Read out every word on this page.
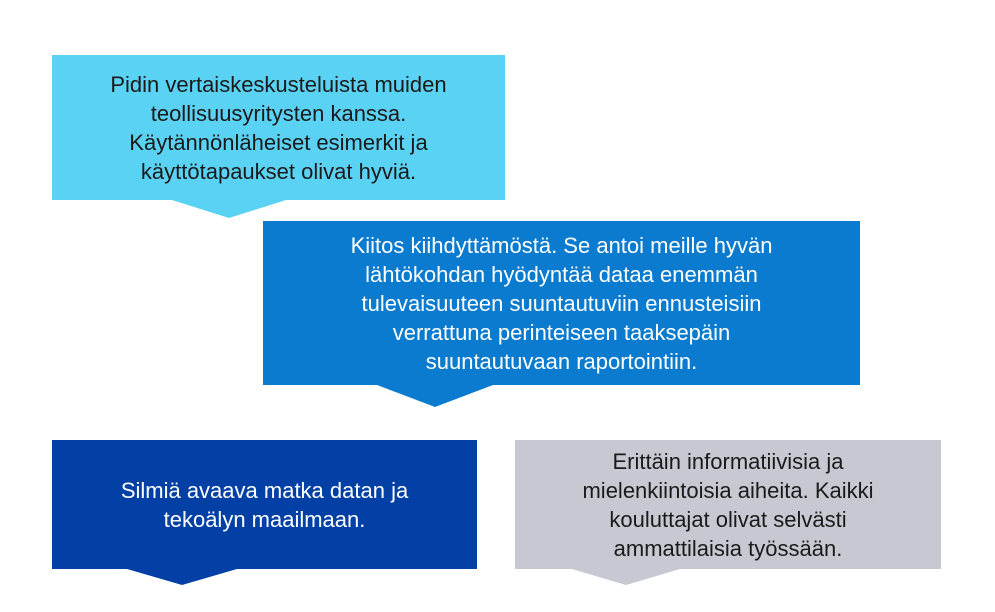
Pidin vertaiskeskusteluista muiden
teollisuusyritysten kanssa.
Käytännönläheiset esimerkit ja
käyttötapaukset olivat hyviä.
Kiitos kiihdyttämöstä. Se antoi meille hyvän
lähtökohdan hyödyntää dataa enemmän
tulevaisuuteen suuntautuviin ennusteisiin
verrattuna perinteiseen taaksepäin
suuntautuvaan raportointiin.
Silmiä avaava matka datan ja
tekoälyn maailmaan.
Erittäin informatiivisia ja
mielenkiintoisia aiheita. Kaikki
kouluttajat olivat selvästi
ammattilaisia työssään.
